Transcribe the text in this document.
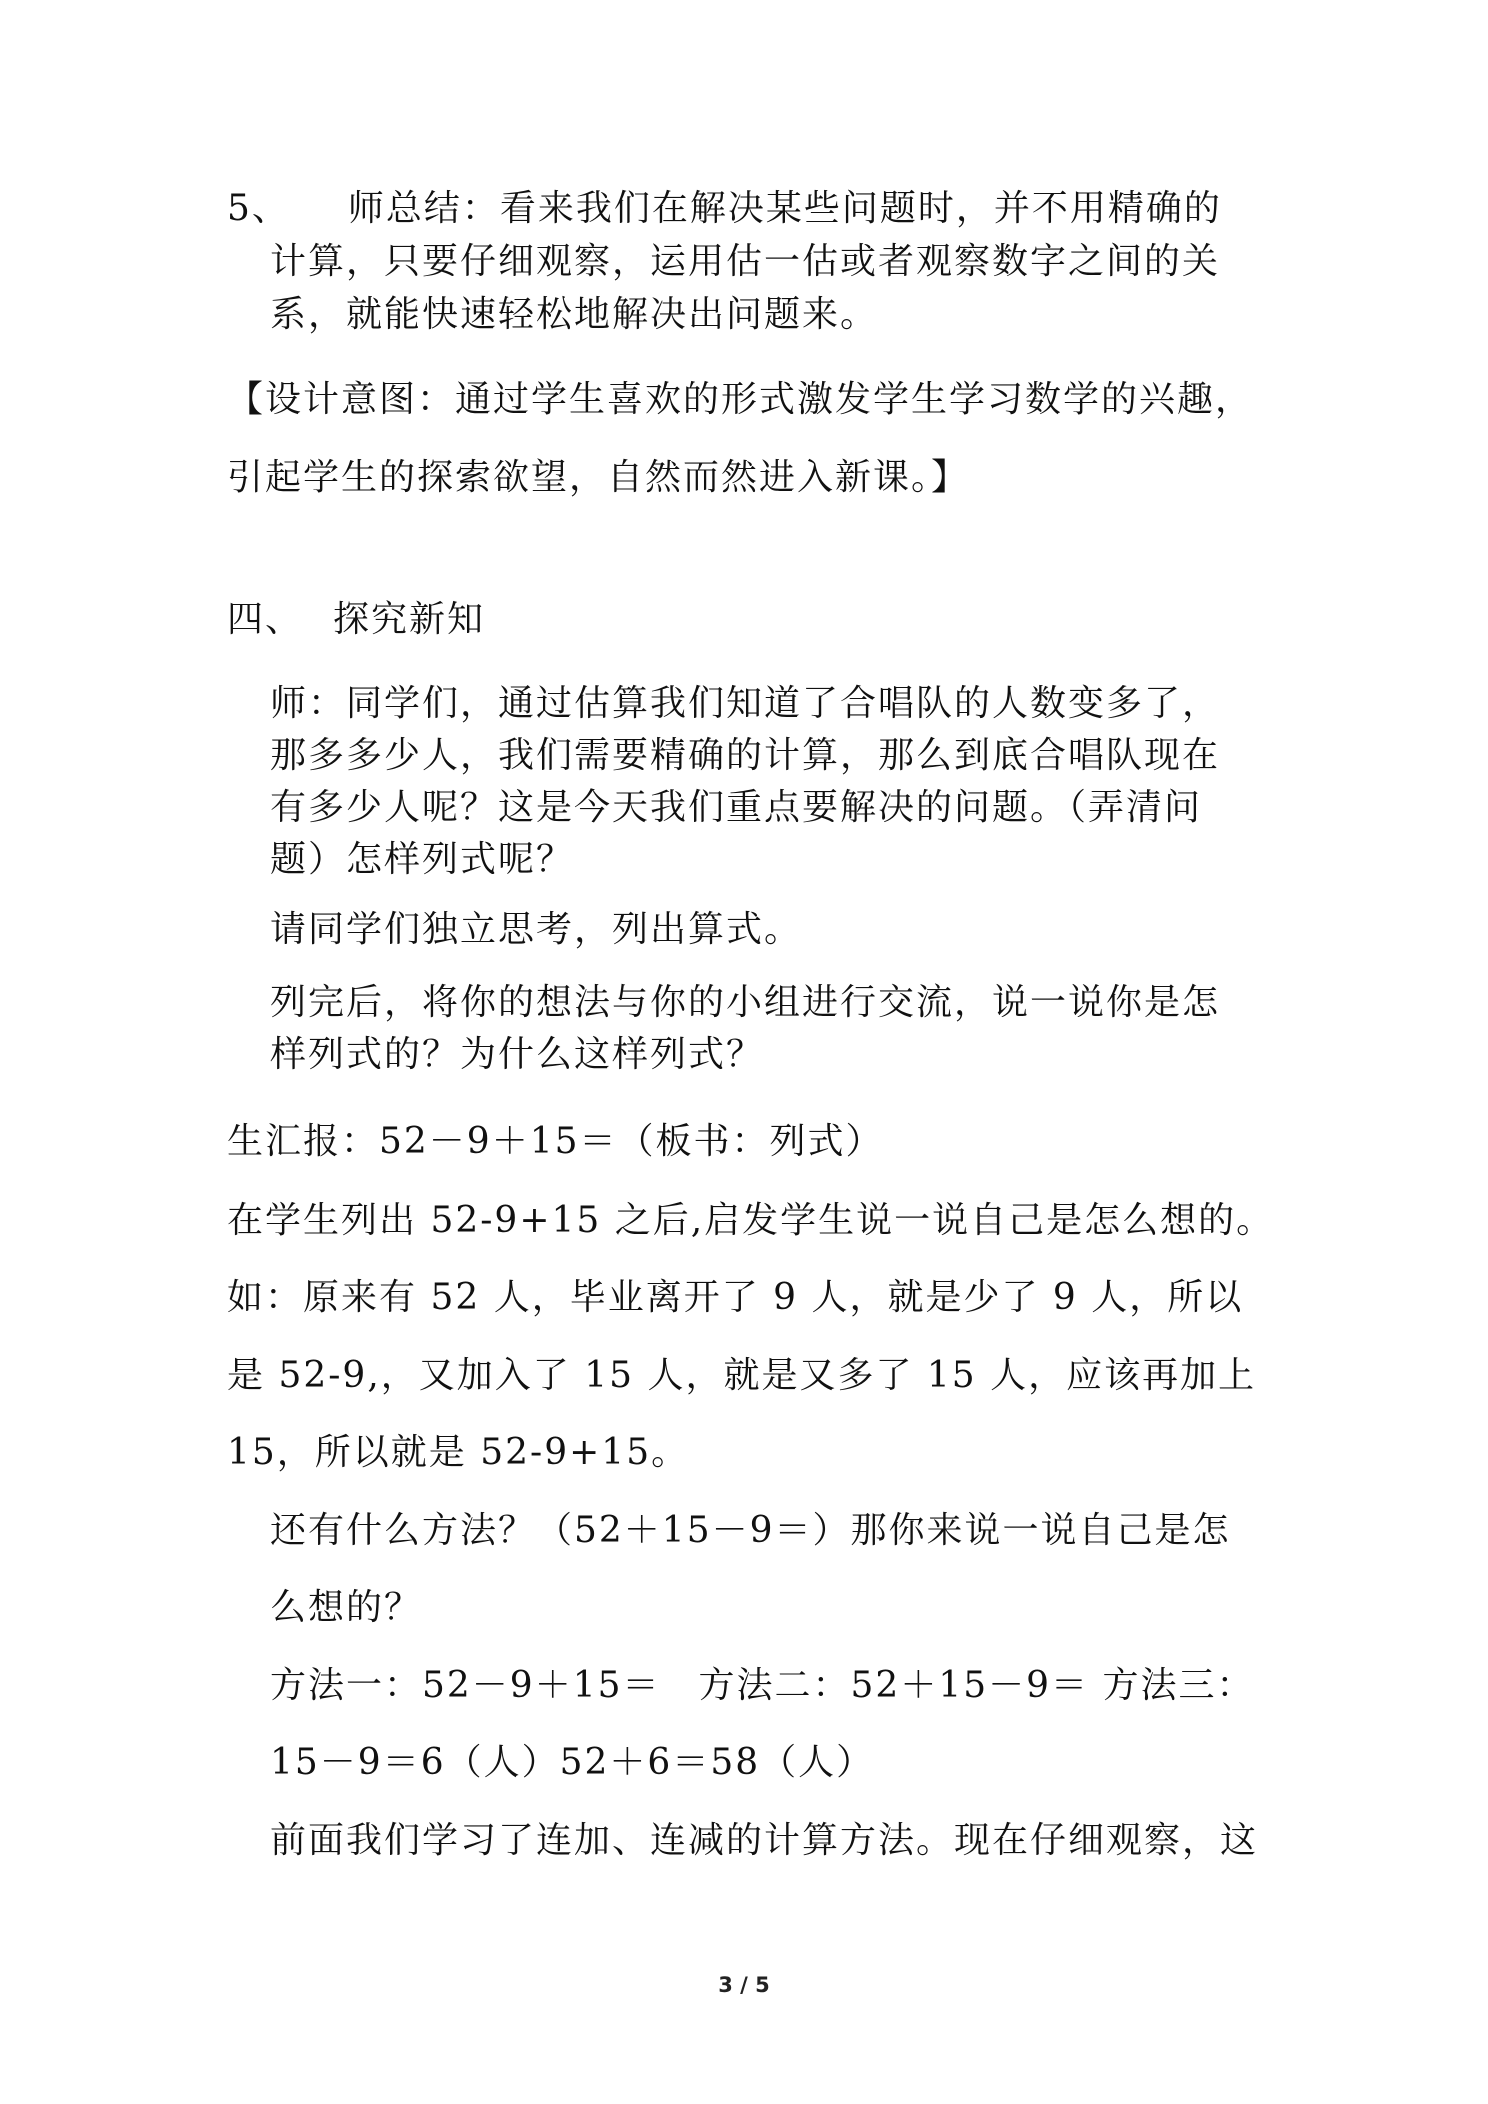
5、 师总结：看来我们在解决某些问题时，并不用精确的
计算，只要仔细观察，运用估一估或者观察数字之间的关
系，就能快速轻松地解决出问题来。
【设计意图：通过学生喜欢的形式激发学生学习数学的兴趣，
引起学生的探索欲望，自然而然进入新课。】
四、 探究新知
师：同学们，通过估算我们知道了合唱队的人数变多了，
那多多少人，我们需要精确的计算，那么到底合唱队现在
有多少人呢？这是今天我们重点要解决的问题。（弄清问
题）怎样列式呢？
请同学们独立思考，列出算式。
列完后，将你的想法与你的小组进行交流，说一说你是怎
样列式的？为什么这样列式？
生汇报：52－9＋15＝（板书：列式）
在学生列出 52-9+15 之后,启发学生说一说自己是怎么想的。
如：原来有 52 人，毕业离开了 9 人，就是少了 9 人，所以
是 52-9,，又加入了 15 人，就是又多了 15 人，应该再加上
15，所以就是 52-9+15。
还有什么方法？（52＋15－9＝）那你来说一说自己是怎
么想的？
方法一：52－9＋15＝　方法二：52＋15－9＝ 方法三：
15－9＝6（人）52＋6＝58（人）
前面我们学习了连加、连减的计算方法。现在仔细观察，这
3 / 5
